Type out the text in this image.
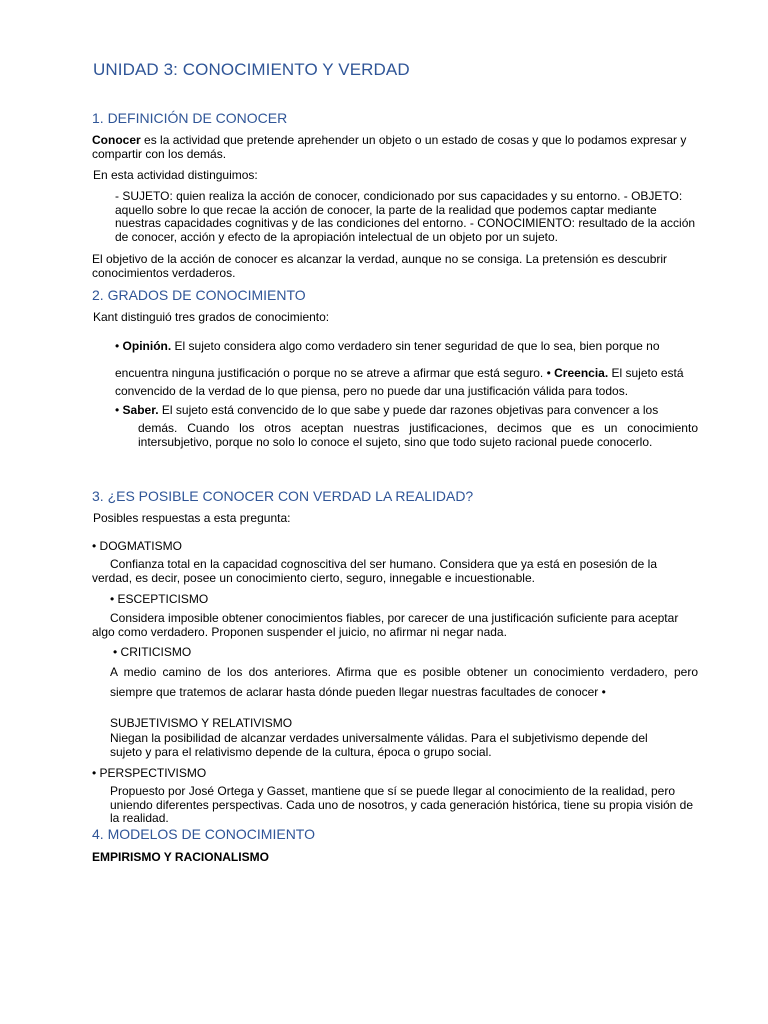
UNIDAD 3: CONOCIMIENTO Y VERDAD
1. DEFINICIÓN DE CONOCER
Conocer es la actividad que pretende aprehender un objeto o un estado de cosas y que lo podamos expresar y compartir con los demás.
En esta actividad distinguimos:
- SUJETO: quien realiza la acción de conocer, condicionado por sus capacidades y su entorno. - OBJETO: aquello sobre lo que recae la acción de conocer, la parte de la realidad que podemos captar mediante nuestras capacidades cognitivas y de las condiciones del entorno. - CONOCIMIENTO: resultado de la acción de conocer, acción y efecto de la apropiación intelectual de un objeto por un sujeto.
El objetivo de la acción de conocer es alcanzar la verdad, aunque no se consiga. La pretensión es descubrir conocimientos verdaderos.
2. GRADOS DE CONOCIMIENTO
Kant distinguió tres grados de conocimiento:
• Opinión. El sujeto considera algo como verdadero sin tener seguridad de que lo sea, bien porque no
encuentra ninguna justificación o porque no se atreve a afirmar que está seguro. • Creencia. El sujeto está convencido de la verdad de lo que piensa, pero no puede dar una justificación válida para todos.
• Saber. El sujeto está convencido de lo que sabe y puede dar razones objetivas para convencer a los
demás. Cuando los otros aceptan nuestras justificaciones, decimos que es un conocimiento intersubjetivo, porque no solo lo conoce el sujeto, sino que todo sujeto racional puede conocerlo.
3. ¿ES POSIBLE CONOCER CON VERDAD LA REALIDAD?
Posibles respuestas a esta pregunta:
• DOGMATISMO
Confianza total en la capacidad cognoscitiva del ser humano. Considera que ya está en posesión de la verdad, es decir, posee un conocimiento cierto, seguro, innegable e incuestionable.
• ESCEPTICISMO
Considera imposible obtener conocimientos fiables, por carecer de una justificación suficiente para aceptar algo como verdadero. Proponen suspender el juicio, no afirmar ni negar nada.
• CRITICISMO
A medio camino de los dos anteriores. Afirma que es posible obtener un conocimiento verdadero, pero siempre que tratemos de aclarar hasta dónde pueden llegar nuestras facultades de conocer •
SUBJETIVISMO Y RELATIVISMO
Niegan la posibilidad de alcanzar verdades universalmente válidas. Para el subjetivismo depende del sujeto y para el relativismo depende de la cultura, época o grupo social.
• PERSPECTIVISMO
Propuesto por José Ortega y Gasset, mantiene que sí se puede llegar al conocimiento de la realidad, pero uniendo diferentes perspectivas. Cada uno de nosotros, y cada generación histórica, tiene su propia visión de la realidad.
4. MODELOS DE CONOCIMIENTO
EMPIRISMO Y RACIONALISMO
